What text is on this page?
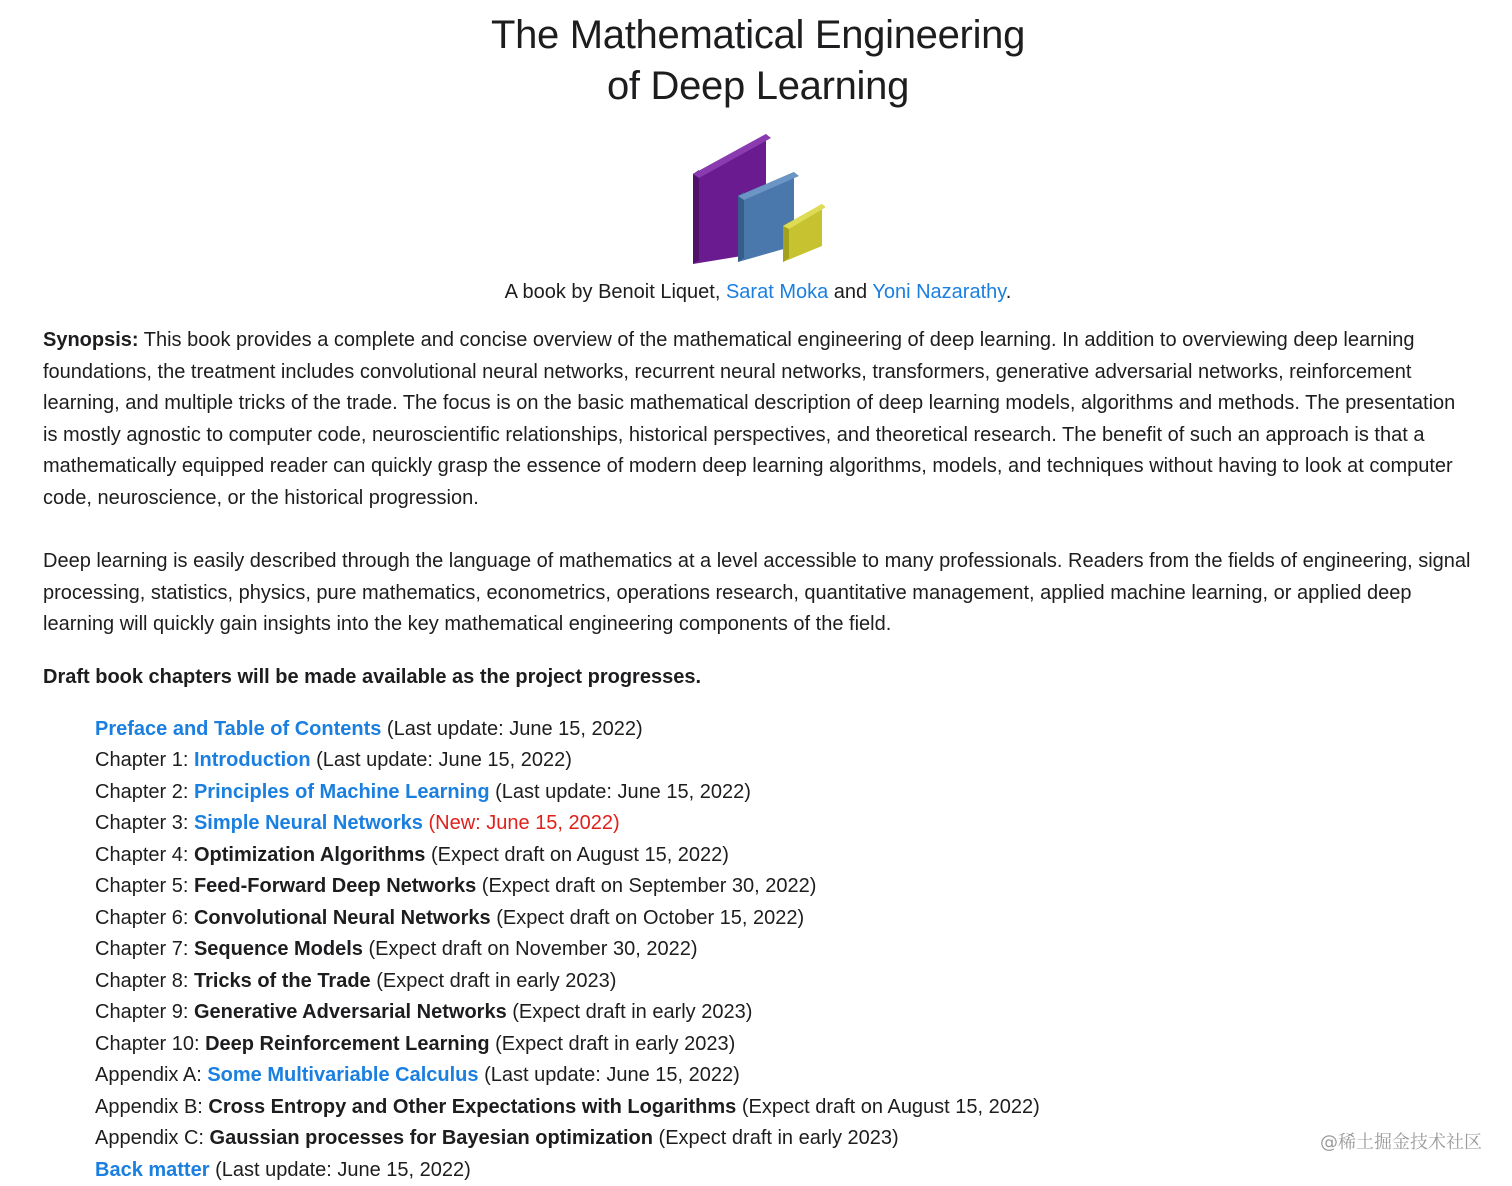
The Mathematical Engineering
of Deep Learning
A book by Benoit Liquet, Sarat Moka and Yoni Nazarathy.

Synopsis: This book provides a complete and concise overview of the mathematical engineering of deep learning. In addition to overviewing deep learning foundations, the treatment includes convolutional neural networks, recurrent neural networks, transformers, generative adversarial networks, reinforcement learning, and multiple tricks of the trade. The focus is on the basic mathematical description of deep learning models, algorithms and methods. The presentation is mostly agnostic to computer code, neuroscientific relationships, historical perspectives, and theoretical research. The benefit of such an approach is that a mathematically equipped reader can quickly grasp the essence of modern deep learning algorithms, models, and techniques without having to look at computer code, neuroscience, or the historical progression.

Deep learning is easily described through the language of mathematics at a level accessible to many professionals. Readers from the fields of engineering, signal processing, statistics, physics, pure mathematics, econometrics, operations research, quantitative management, applied machine learning, or applied deep learning will quickly gain insights into the key mathematical engineering components of the field.

Draft book chapters will be made available as the project progresses.
Preface and Table of Contents (Last update: June 15, 2022)
Chapter 1: Introduction (Last update: June 15, 2022)
Chapter 2: Principles of Machine Learning (Last update: June 15, 2022)
Chapter 3: Simple Neural Networks (New: June 15, 2022)
Chapter 4: Optimization Algorithms (Expect draft on August 15, 2022)
Chapter 5: Feed-Forward Deep Networks (Expect draft on September 30, 2022)
Chapter 6: Convolutional Neural Networks (Expect draft on October 15, 2022)
Chapter 7: Sequence Models (Expect draft on November 30, 2022)
Chapter 8: Tricks of the Trade (Expect draft in early 2023)
Chapter 9: Generative Adversarial Networks (Expect draft in early 2023)
Chapter 10: Deep Reinforcement Learning (Expect draft in early 2023)
Appendix A: Some Multivariable Calculus (Last update: June 15, 2022)
Appendix B: Cross Entropy and Other Expectations with Logarithms (Expect draft on August 15, 2022)
Appendix C: Gaussian processes for Bayesian optimization (Expect draft in early 2023)
Back matter (Last update: June 15, 2022)
@稀土掘金技术社区
